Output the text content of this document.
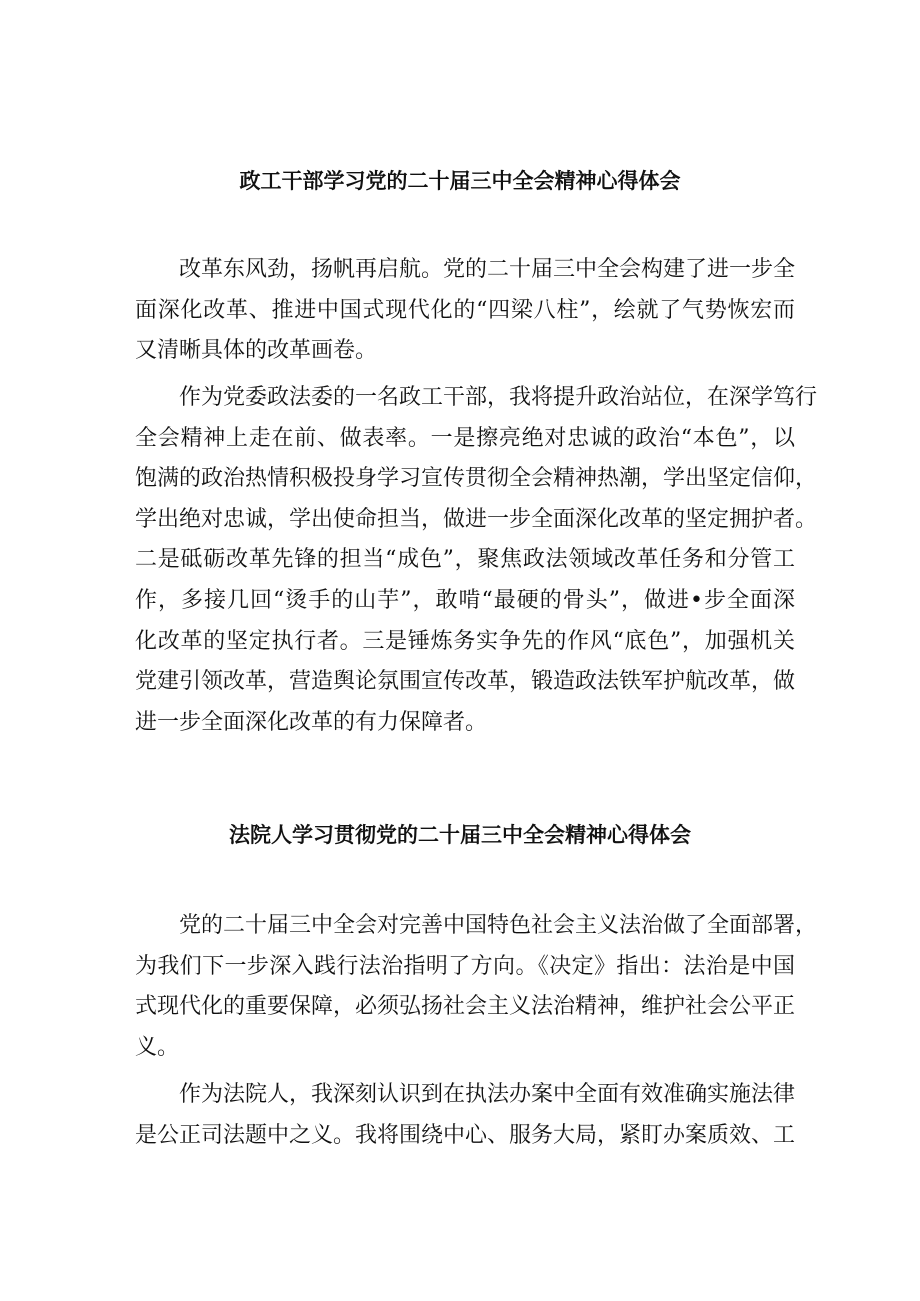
政工干部学习党的二十届三中全会精神心得体会
改革东风劲，扬帆再启航。党的二十届三中全会构建了进一步全
面深化改革、推进中国式现代化的“四梁八柱”，绘就了气势恢宏而
又清晰具体的改革画卷。
作为党委政法委的一名政工干部，我将提升政治站位，在深学笃行
全会精神上走在前、做表率。一是擦亮绝对忠诚的政治“本色”，以
饱满的政治热情积极投身学习宣传贯彻全会精神热潮，学出坚定信仰，
学出绝对忠诚，学出使命担当，做进一步全面深化改革的坚定拥护者。
二是砥砺改革先锋的担当“成色”，聚焦政法领域改革任务和分管工
作，多接几回“烫手的山芋”，敢啃“最硬的骨头”，做进•步全面深
化改革的坚定执行者。三是锤炼务实争先的作风“底色”，加强机关
党建引领改革，营造舆论氛围宣传改革，锻造政法铁军护航改革，做
进一步全面深化改革的有力保障者。
法院人学习贯彻党的二十届三中全会精神心得体会
党的二十届三中全会对完善中国特色社会主义法治做了全面部署，
为我们下一步深入践行法治指明了方向。《决定》指出：法治是中国
式现代化的重要保障，必须弘扬社会主义法治精神，维护社会公平正
义。
作为法院人，我深刻认识到在执法办案中全面有效准确实施法律
是公正司法题中之义。我将围绕中心、服务大局，紧盯办案质效、工
